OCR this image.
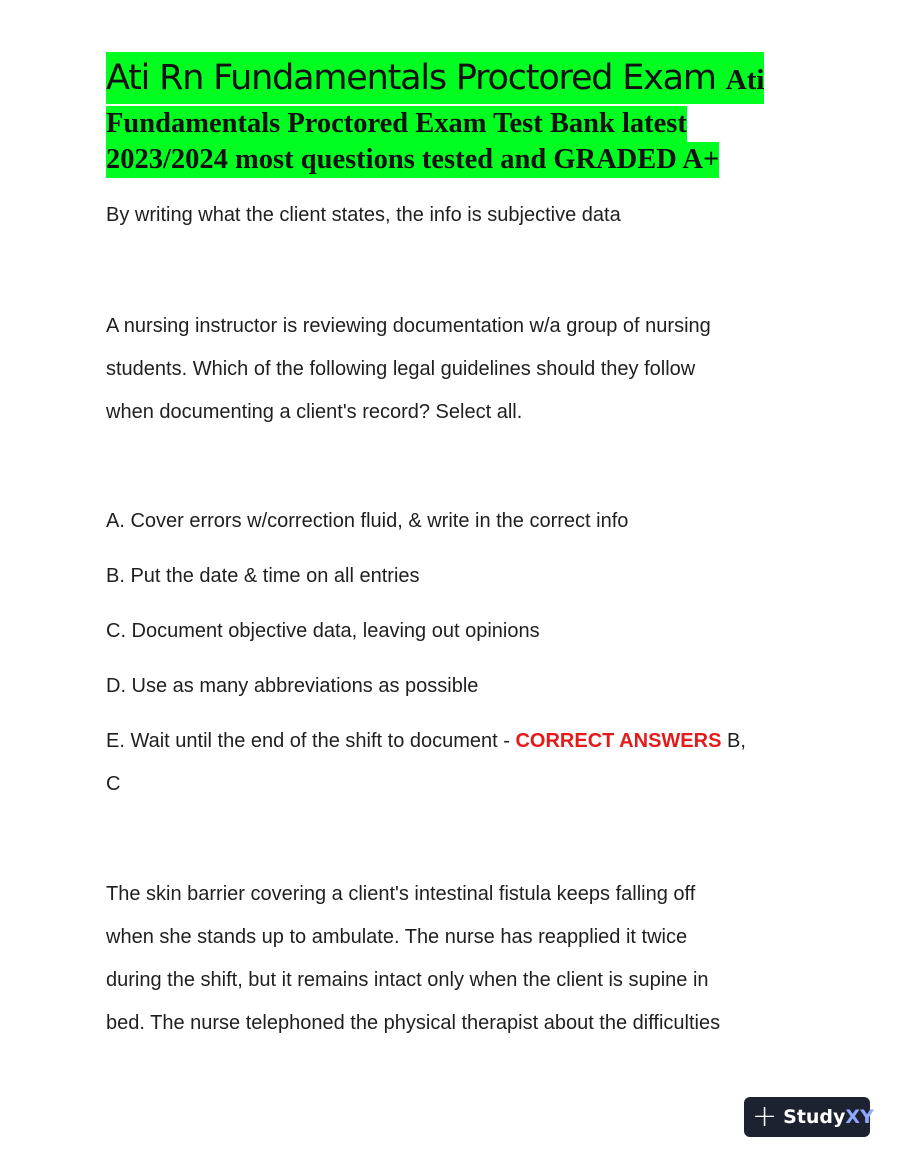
Ati Rn Fundamentals Proctored Exam Ati
Fundamentals Proctored Exam Test Bank latest
2023/2024 most questions tested and GRADED A+
By writing what the client states, the info is subjective data
A nursing instructor is reviewing documentation w/a group of nursing
students. Which of the following legal guidelines should they follow
when documenting a client's record? Select all.
A. Cover errors w/correction fluid, & write in the correct info
B. Put the date & time on all entries
C. Document objective data, leaving out opinions
D. Use as many abbreviations as possible
E. Wait until the end of the shift to document - CORRECT ANSWERS B,
C
The skin barrier covering a client's intestinal fistula keeps falling off
when she stands up to ambulate. The nurse has reapplied it twice
during the shift, but it remains intact only when the client is supine in
bed. The nurse telephoned the physical therapist about the difficulties
+ StudyXY
